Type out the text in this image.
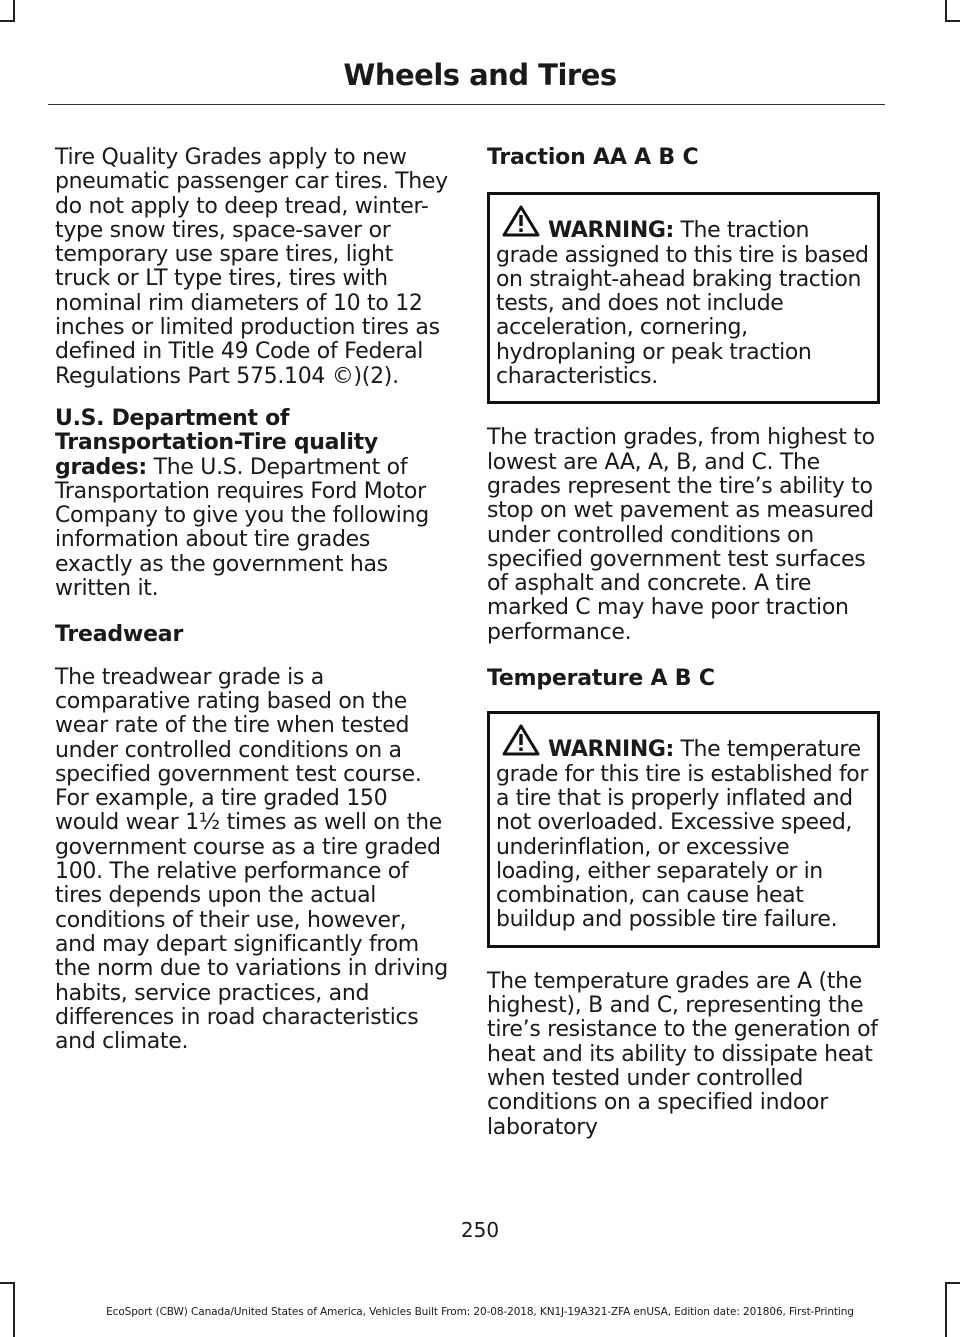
Wheels and Tires

Tire Quality Grades apply to new pneumatic passenger car tires. They do not apply to deep tread, winter-type snow tires, space-saver or temporary use spare tires, light truck or LT type tires, tires with nominal rim diameters of 10 to 12 inches or limited production tires as defined in Title 49 Code of Federal Regulations Part 575.104 ©)(2).

U.S. Department of Transportation-Tire quality grades: The U.S. Department of Transportation requires Ford Motor Company to give you the following information about tire grades exactly as the government has written it.

Treadwear

The treadwear grade is a comparative rating based on the wear rate of the tire when tested under controlled conditions on a specified government test course. For example, a tire graded 150 would wear 1½ times as well on the government course as a tire graded 100. The relative performance of tires depends upon the actual conditions of their use, however, and may depart significantly from the norm due to variations in driving habits, service practices, and differences in road characteristics and climate.

Traction AA A B C

WARNING: The traction grade assigned to this tire is based on straight-ahead braking traction tests, and does not include acceleration, cornering, hydroplaning or peak traction characteristics.

The traction grades, from highest to lowest are AA, A, B, and C. The grades represent the tire’s ability to stop on wet pavement as measured under controlled conditions on specified government test surfaces of asphalt and concrete. A tire marked C may have poor traction performance.

Temperature A B C

WARNING: The temperature grade for this tire is established for a tire that is properly inflated and not overloaded. Excessive speed, underinflation, or excessive loading, either separately or in combination, can cause heat buildup and possible tire failure.

The temperature grades are A (the highest), B and C, representing the tire’s resistance to the generation of heat and its ability to dissipate heat when tested under controlled conditions on a specified indoor laboratory

250
EcoSport (CBW) Canada/United States of America, Vehicles Built From: 20-08-2018, KN1J-19A321-ZFA enUSA, Edition date: 201806, First-Printing
